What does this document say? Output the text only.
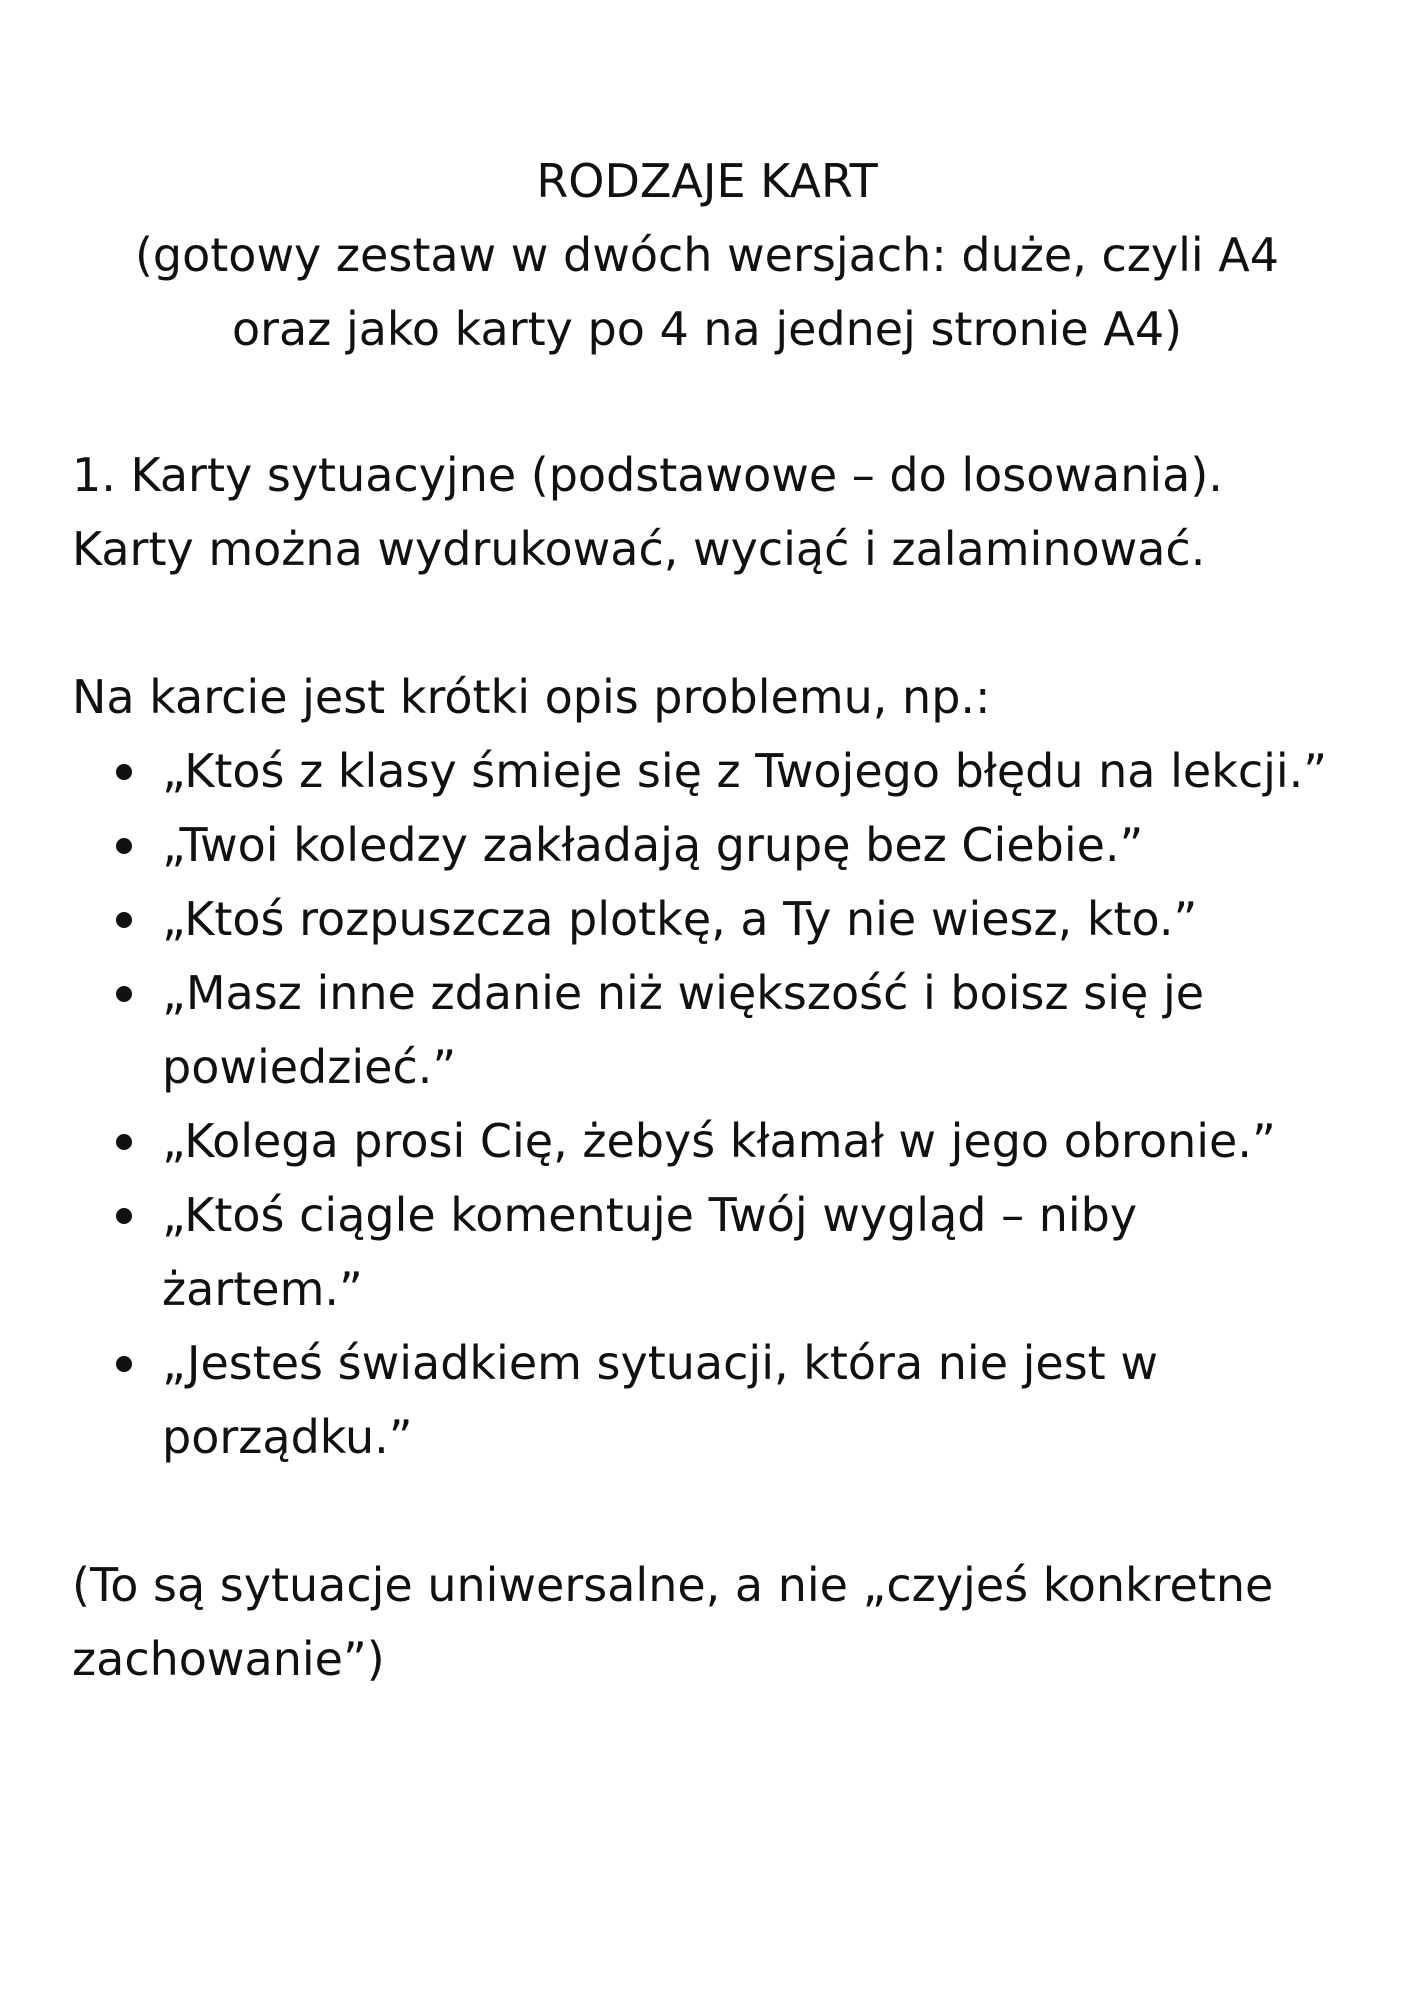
RODZAJE KART
(gotowy zestaw w dwóch wersjach: duże, czyli A4
oraz jako karty po 4 na jednej stronie A4)

1. Karty sytuacyjne (podstawowe – do losowania).

Karty można wydrukować, wyciąć i zalaminować.

Na karcie jest krótki opis problemu, np.:

„Ktoś z klasy śmieje się z Twojego błędu na lekcji.”
„Twoi koledzy zakładają grupę bez Ciebie.”
„Ktoś rozpuszcza plotkę, a Ty nie wiesz, kto.”
„Masz inne zdanie niż większość i boisz się je powiedzieć.”
„Kolega prosi Cię, żebyś kłamał w jego obronie.”
„Ktoś ciągle komentuje Twój wygląd – niby żartem.”
„Jesteś świadkiem sytuacji, która nie jest w porządku.”

(To są sytuacje uniwersalne, a nie „czyjeś konkretne zachowanie”)
